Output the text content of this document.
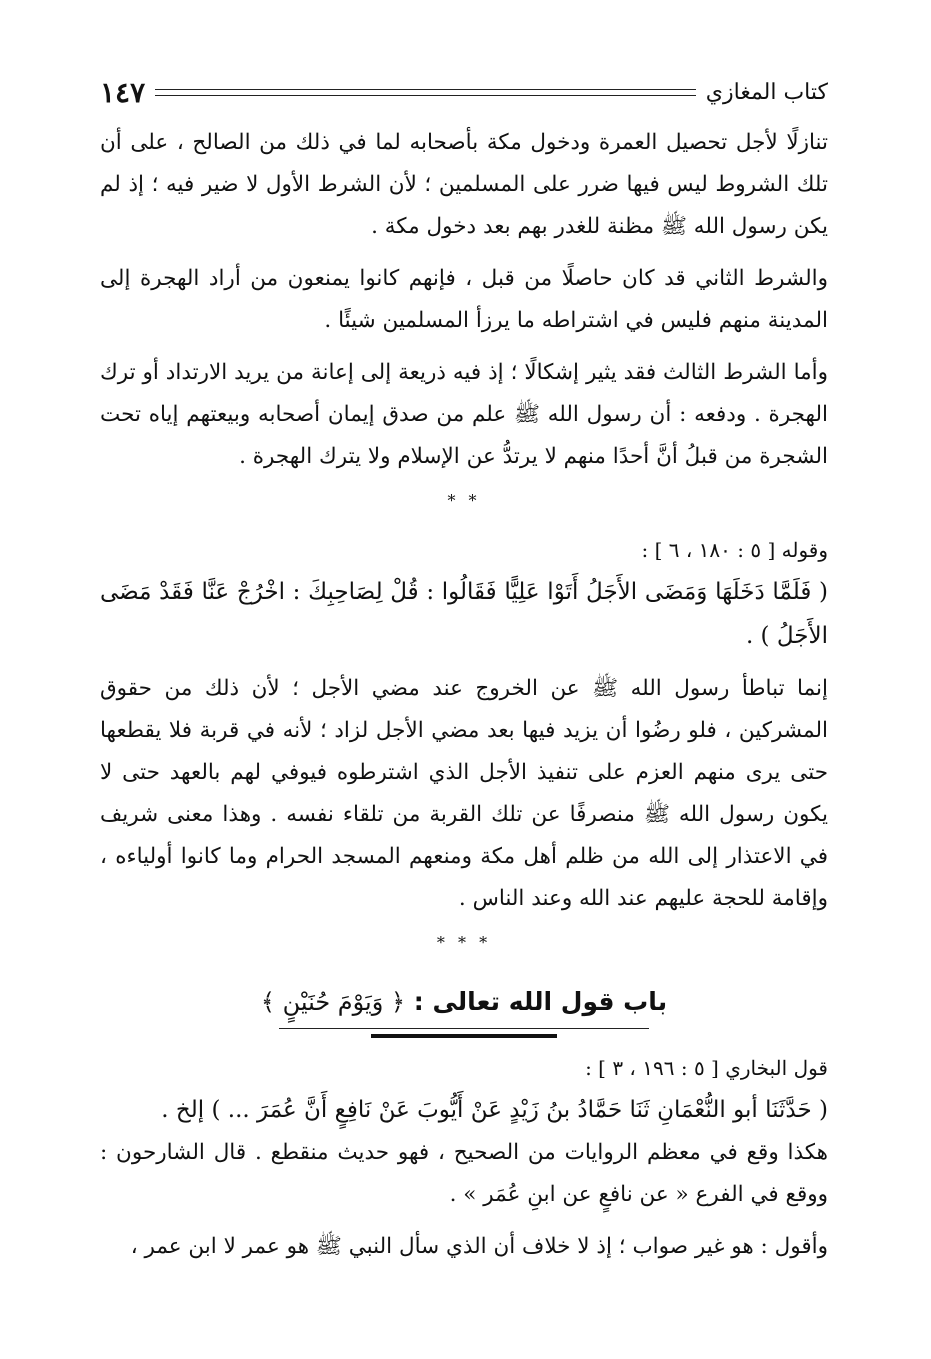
كتاب المغازي
١٤٧

تنازلًا لأجل تحصيل العمرة ودخول مكة بأصحابه لما في ذلك من الصالح ، على أن تلك الشروط ليس فيها ضرر على المسلمين ؛ لأن الشرط الأول لا ضير فيه ؛ إذ لم يكن رسول الله ﷺ مظنة للغدر بهم بعد دخول مكة .

والشرط الثاني قد كان حاصلًا من قبل ، فإنهم كانوا يمنعون من أراد الهجرة إلى المدينة منهم فليس في اشتراطه ما يرزأ المسلمين شيئًا .

وأما الشرط الثالث فقد يثير إشكالًا ؛ إذ فيه ذريعة إلى إعانة من يريد الارتداد أو ترك الهجرة . ودفعه : أن رسول الله ﷺ علم من صدق إيمان أصحابه وبيعتهم إياه تحت الشجرة من قبلُ أنَّ أحدًا منهم لا يرتدُّ عن الإسلام ولا يترك الهجرة .

* *
وقوله [ ٥ : ١٨٠ ، ٦ ] :
( فَلَمَّا دَخَلَهَا وَمَضَى الأَجَلُ أَتَوْا عَلِيًّا فَقَالُوا : قُلْ لِصَاحِبِكَ : اخْرُجْ عَنَّا فَقَدْ مَضَى الأَجَلُ ) .

إنما تباطأ رسول الله ﷺ عن الخروج عند مضي الأجل ؛ لأن ذلك من حقوق المشركين ، فلو رضُوا أن يزيد فيها بعد مضي الأجل لزاد ؛ لأنه في قربة فلا يقطعها حتى يرى منهم العزم على تنفيذ الأجل الذي اشترطوه فيوفي لهم بالعهد حتى لا يكون رسول الله ﷺ منصرفًا عن تلك القربة من تلقاء نفسه . وهذا معنى شريف في الاعتذار إلى الله من ظلم أهل مكة ومنعهم المسجد الحرام وما كانوا أولياءه ، وإقامة للحجة عليهم عند الله وعند الناس .

* * *
باب قول الله تعالى : ﴿ وَيَوْمَ حُنَيْنٍ ﴾
قول البخاري [ ٥ : ١٩٦ ، ٣ ] :
( حَدَّثَنَا أبو النُّعْمَانِ ثَنَا حَمَّادُ بنُ زَيْدٍ عَنْ أَيُّوبَ عَنْ نَافِعٍ أَنَّ عُمَرَ ... ) إلخ .

هكذا وقع في معظم الروايات من الصحيح ، فهو حديث منقطع . قال الشارحون : ووقع في الفرع « عن نافعٍ عن ابنِ عُمَر » .

وأقول : هو غير صواب ؛ إذ لا خلاف أن الذي سأل النبي ﷺ هو عمر لا ابن عمر ،
